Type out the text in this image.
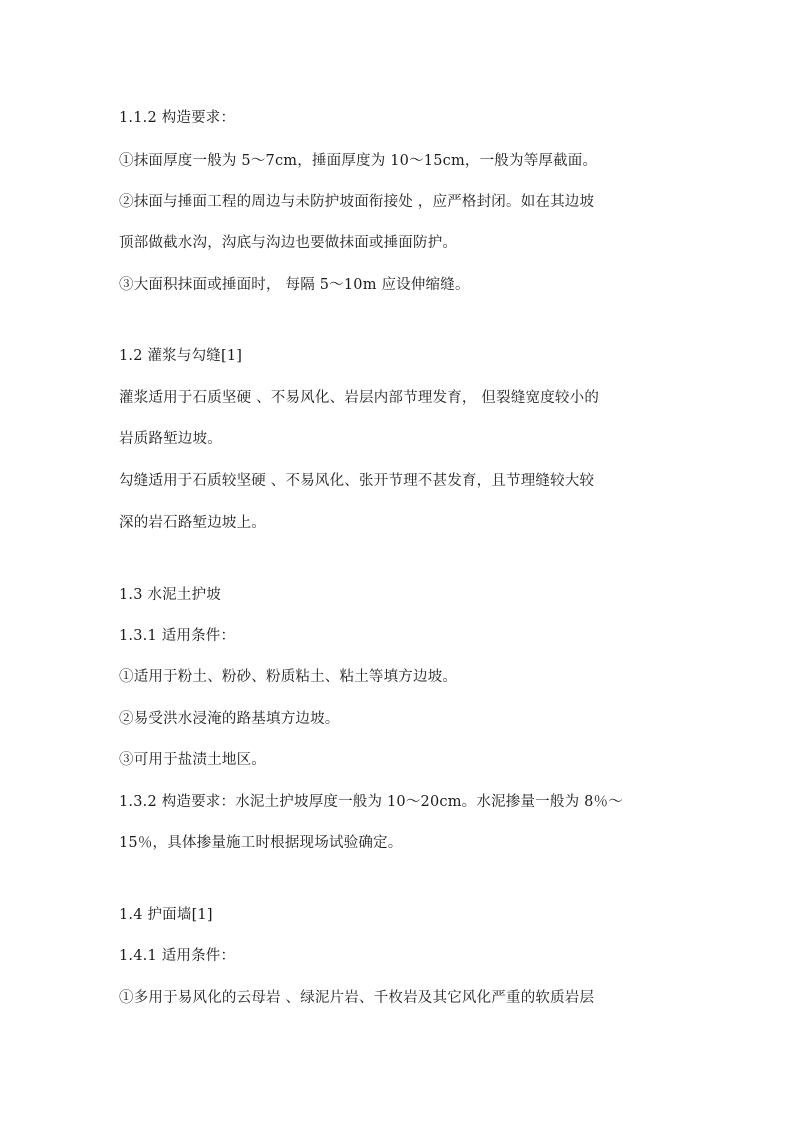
1.1.2 构造要求：
①抹面厚度一般为 5～7cm，捶面厚度为 10～15cm，一般为等厚截面。
②抹面与捶面工程的周边与未防护坡面衔接处 ，应严格封闭。如在其边坡
顶部做截水沟，沟底与沟边也要做抹面或捶面防护。
③大面积抹面或捶面时， 每隔 5～10m 应设伸缩缝。
1.2 灌浆与勾缝[1]
灌浆适用于石质坚硬 、不易风化、岩层内部节理发育， 但裂缝宽度较小的
岩质路堑边坡。
勾缝适用于石质较坚硬 、不易风化、张开节理不甚发育，且节理缝较大较
深的岩石路堑边坡上。
1.3 水泥土护坡
1.3.1 适用条件：
①适用于粉土、粉砂、粉质粘土、粘土等填方边坡。
②易受洪水浸淹的路基填方边坡。
③可用于盐渍土地区。
1.3.2 构造要求：水泥土护坡厚度一般为 10～20cm。水泥掺量一般为 8％～
15％，具体掺量施工时根据现场试验确定。
1.4 护面墙[1]
1.4.1 适用条件：
①多用于易风化的云母岩 、绿泥片岩、千枚岩及其它风化严重的软质岩层
